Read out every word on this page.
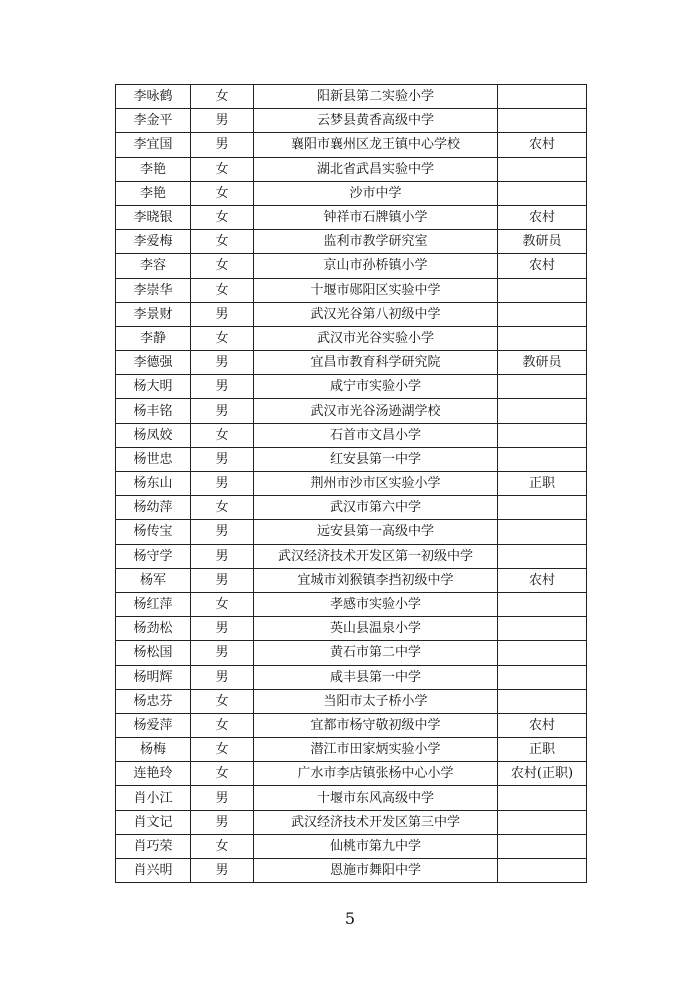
李咏鹤	女	阳新县第二实验小学	
李金平	男	云梦县黄香高级中学	
李宜国	男	襄阳市襄州区龙王镇中心学校	农村
李艳	女	湖北省武昌实验中学	
李艳	女	沙市中学	
李晓银	女	钟祥市石牌镇小学	农村
李爱梅	女	监利市教学研究室	教研员
李容	女	京山市孙桥镇小学	农村
李崇华	女	十堰市郧阳区实验中学	
李景财	男	武汉光谷第八初级中学	
李静	女	武汉市光谷实验小学	
李德强	男	宜昌市教育科学研究院	教研员
杨大明	男	咸宁市实验小学	
杨丰铭	男	武汉市光谷汤逊湖学校	
杨凤姣	女	石首市文昌小学	
杨世忠	男	红安县第一中学	
杨东山	男	荆州市沙市区实验小学	正职
杨幼萍	女	武汉市第六中学	
杨传宝	男	远安县第一高级中学	
杨守学	男	武汉经济技术开发区第一初级中学	
杨军	男	宜城市刘猴镇李挡初级中学	农村
杨红萍	女	孝感市实验小学	
杨劲松	男	英山县温泉小学	
杨松国	男	黄石市第二中学	
杨明辉	男	咸丰县第一中学	
杨忠芬	女	当阳市太子桥小学	
杨爱萍	女	宜都市杨守敬初级中学	农村
杨梅	女	潜江市田家炳实验小学	正职
连艳玲	女	广水市李店镇张杨中心小学	农村(正职)
肖小江	男	十堰市东风高级中学	
肖文记	男	武汉经济技术开发区第三中学	
肖巧荣	女	仙桃市第九中学	
肖兴明	男	恩施市舞阳中学	
5
